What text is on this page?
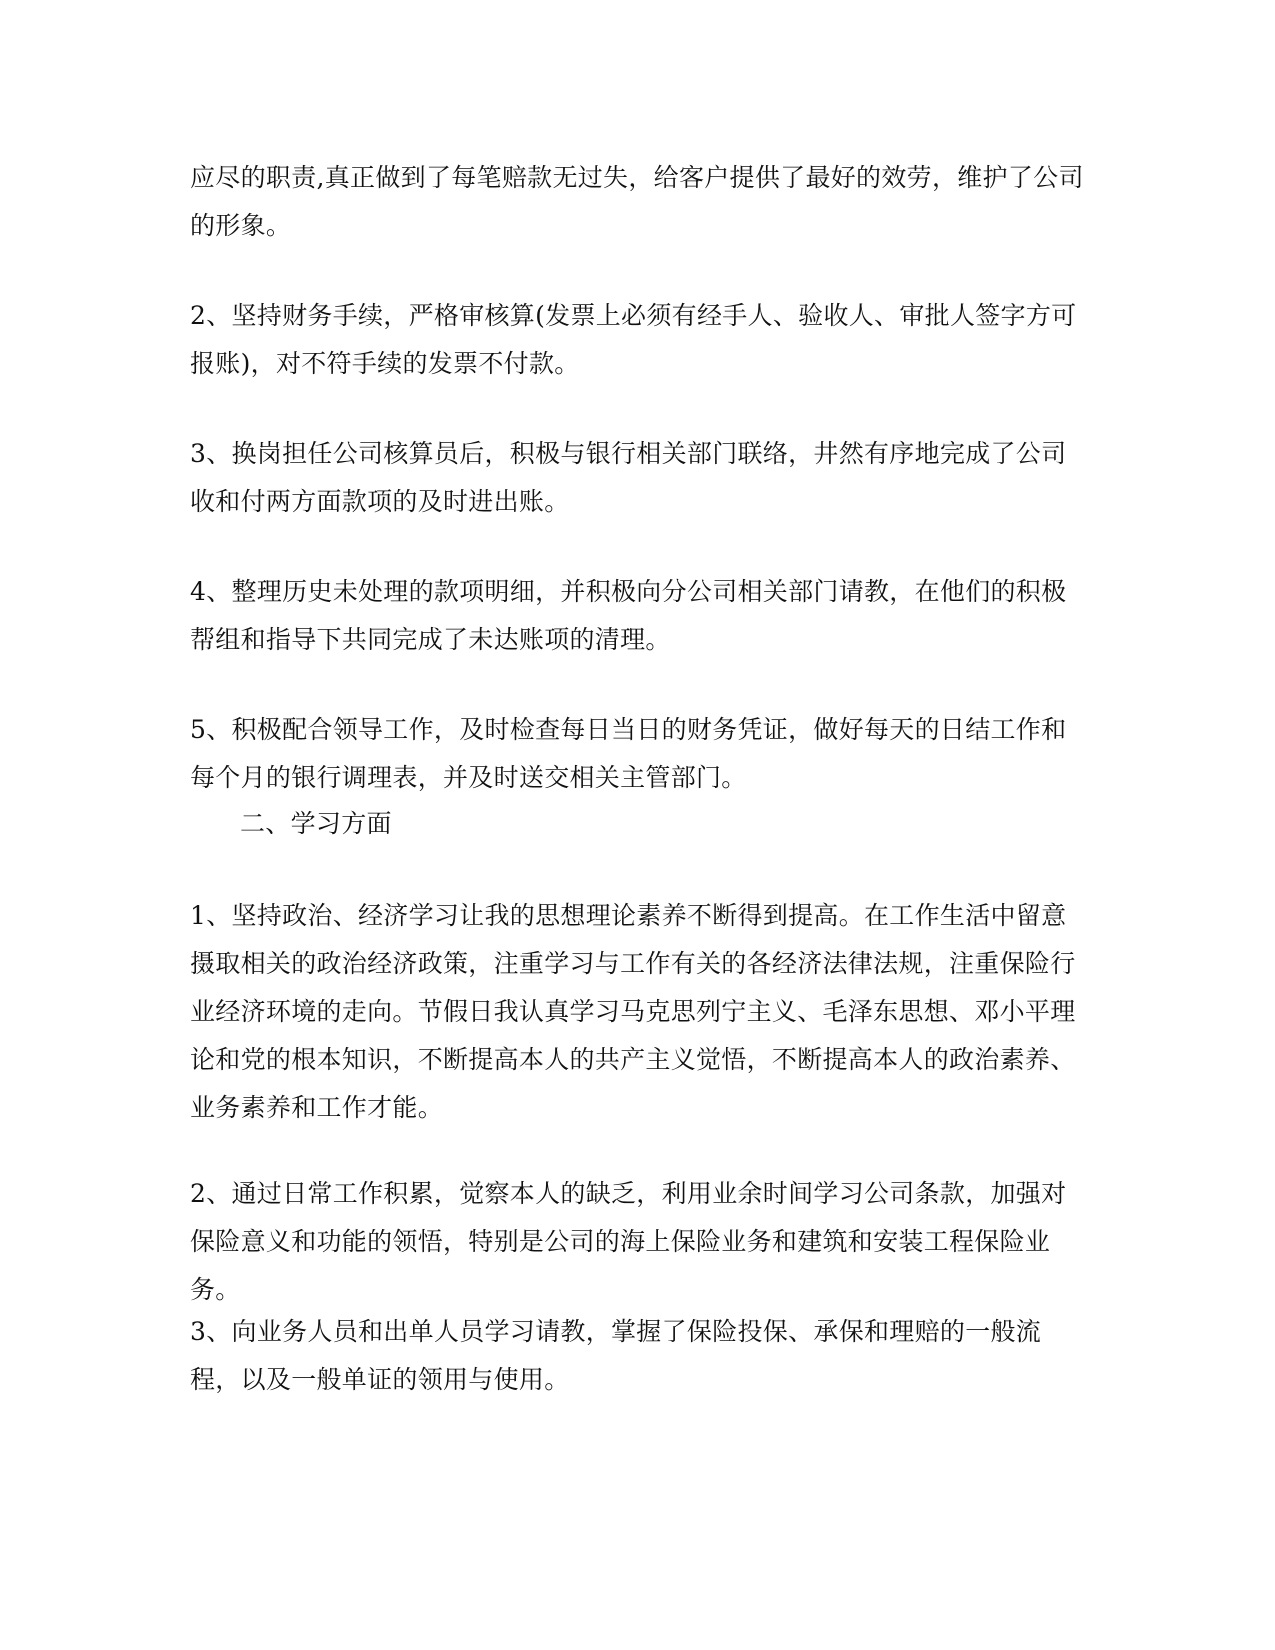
应尽的职责,真正做到了每笔赔款无过失，给客户提供了最好的效劳，维护了公司的形象。

2、坚持财务手续，严格审核算(发票上必须有经手人、验收人、审批人签字方可报账)，对不符手续的发票不付款。

3、换岗担任公司核算员后，积极与银行相关部门联络，井然有序地完成了公司收和付两方面款项的及时进出账。

4、整理历史未处理的款项明细，并积极向分公司相关部门请教，在他们的积极帮组和指导下共同完成了未达账项的清理。

5、积极配合领导工作，及时检查每日当日的财务凭证，做好每天的日结工作和每个月的银行调理表，并及时送交相关主管部门。

二、学习方面

1、坚持政治、经济学习让我的思想理论素养不断得到提高。在工作生活中留意摄取相关的政治经济政策，注重学习与工作有关的各经济法律法规，注重保险行业经济环境的走向。节假日我认真学习马克思列宁主义、毛泽东思想、邓小平理论和党的根本知识，不断提高本人的共产主义觉悟，不断提高本人的政治素养、业务素养和工作才能。

2、通过日常工作积累，觉察本人的缺乏，利用业余时间学习公司条款，加强对保险意义和功能的领悟，特别是公司的海上保险业务和建筑和安装工程保险业务。

3、向业务人员和出单人员学习请教，掌握了保险投保、承保和理赔的一般流程，以及一般单证的领用与使用。
